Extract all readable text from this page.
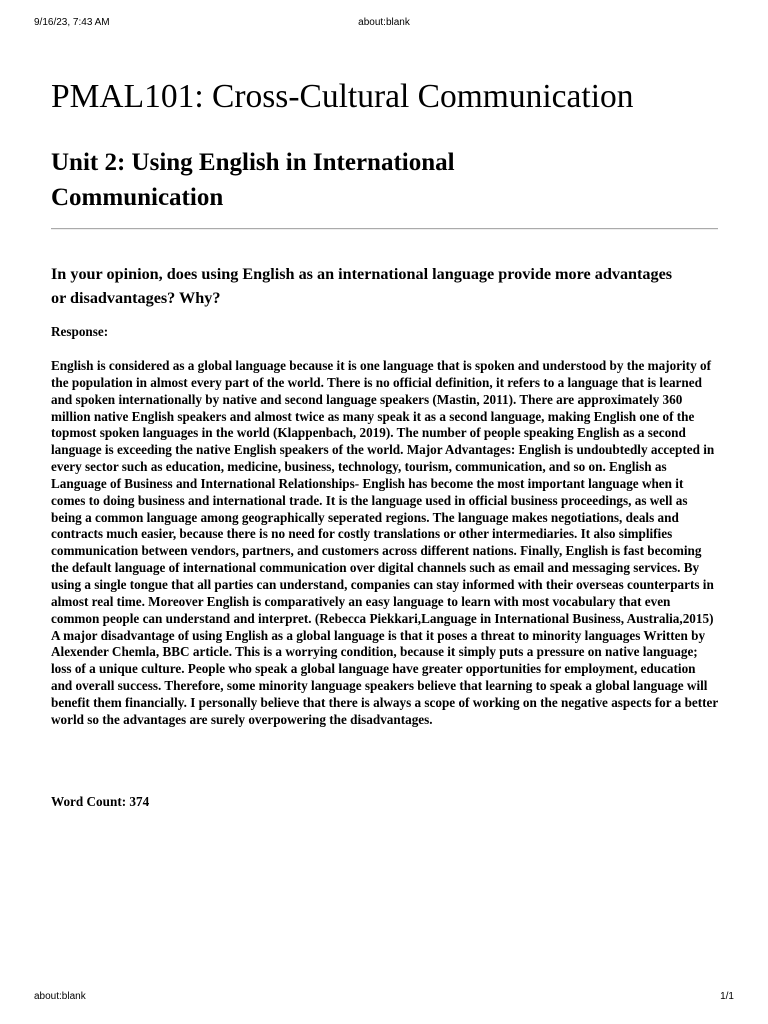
9/16/23, 7:43 AM	about:blank
PMAL101: Cross-Cultural Communication
Unit 2: Using English in International Communication
In your opinion, does using English as an international language provide more advantages or disadvantages? Why?

Response:

English is considered as a global language because it is one language that is spoken and understood by the majority of the population in almost every part of the world. There is no official definition, it refers to a language that is learned and spoken internationally by native and second language speakers (Mastin, 2011). There are approximately 360 million native English speakers and almost twice as many speak it as a second language, making English one of the topmost spoken languages in the world (Klappenbach, 2019). The number of people speaking English as a second language is exceeding the native English speakers of the world. Major Advantages: English is undoubtedly accepted in every sector such as education, medicine, business, technology, tourism, communication, and so on. English as Language of Business and International Relationships- English has become the most important language when it comes to doing business and international trade. It is the language used in official business proceedings, as well as being a common language among geographically seperated regions. The language makes negotiations, deals and contracts much easier, because there is no need for costly translations or other intermediaries. It also simplifies communication between vendors, partners, and customers across different nations. Finally, English is fast becoming the default language of international communication over digital channels such as email and messaging services. By using a single tongue that all parties can understand, companies can stay informed with their overseas counterparts in almost real time. Moreover English is comparatively an easy language to learn with most vocabulary that even common people can understand and interpret. (Rebecca Piekkari,Language in International Business, Australia,2015) A major disadvantage of using English as a global language is that it poses a threat to minority languages Written by Alexender Chemla, BBC article. This is a worrying condition, because it simply puts a pressure on native language; loss of a unique culture. People who speak a global language have greater opportunities for employment, education and overall success. Therefore, some minority language speakers believe that learning to speak a global language will benefit them financially. I personally believe that there is always a scope of working on the negative aspects for a better world so the advantages are surely overpowering the disadvantages.

Word Count: 374

about:blank	1/1
